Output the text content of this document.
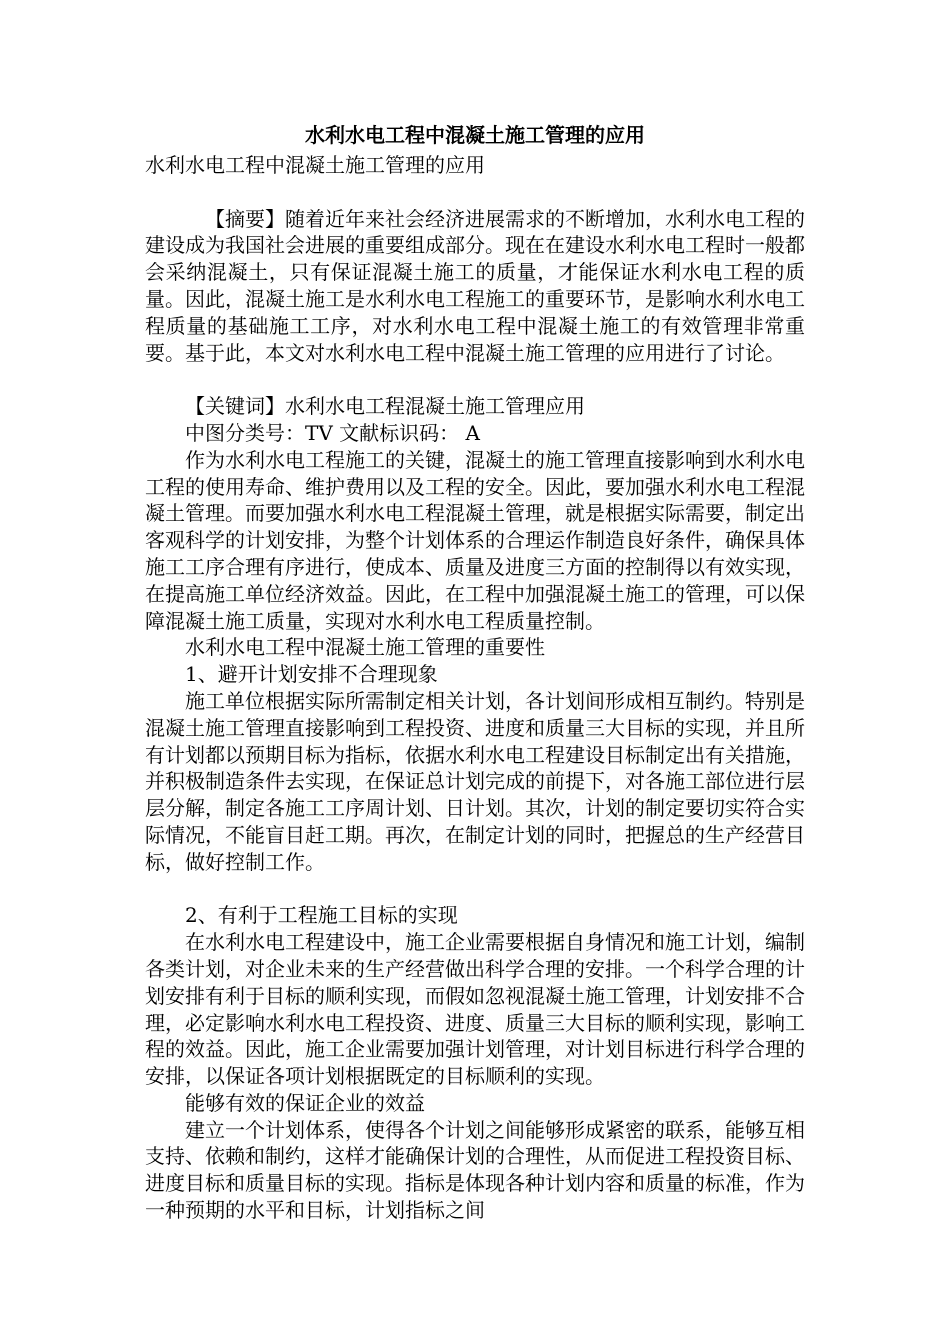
水利水电工程中混凝土施工管理的应用

水利水电工程中混凝土施工管理的应用

【摘要】随着近年来社会经济进展需求的不断增加，水利水电工程的建设成为我国社会进展的重要组成部分。现在在建设水利水电工程时一般都会采纳混凝土，只有保证混凝土施工的质量，才能保证水利水电工程的质量。因此，混凝土施工是水利水电工程施工的重要环节，是影响水利水电工程质量的基础施工工序，对水利水电工程中混凝土施工的有效管理非常重要。基于此，本文对水利水电工程中混凝土施工管理的应用进行了讨论。

【关键词】水利水电工程混凝土施工管理应用

中图分类号：TV 文献标识码： A

作为水利水电工程施工的关键，混凝土的施工管理直接影响到水利水电工程的使用寿命、维护费用以及工程的安全。因此，要加强水利水电工程混凝土管理。而要加强水利水电工程混凝土管理，就是根据实际需要，制定出客观科学的计划安排，为整个计划体系的合理运作制造良好条件，确保具体施工工序合理有序进行，使成本、质量及进度三方面的控制得以有效实现，在提高施工单位经济效益。因此，在工程中加强混凝土施工的管理，可以保障混凝土施工质量，实现对水利水电工程质量控制。

水利水电工程中混凝土施工管理的重要性

1、避开计划安排不合理现象

施工单位根据实际所需制定相关计划，各计划间形成相互制约。特别是混凝土施工管理直接影响到工程投资、进度和质量三大目标的实现，并且所有计划都以预期目标为指标，依据水利水电工程建设目标制定出有关措施，并积极制造条件去实现，在保证总计划完成的前提下，对各施工部位进行层层分解，制定各施工工序周计划、日计划。其次，计划的制定要切实符合实际情况，不能盲目赶工期。再次，在制定计划的同时，把握总的生产经营目标，做好控制工作。

2、有利于工程施工目标的实现

在水利水电工程建设中，施工企业需要根据自身情况和施工计划，编制各类计划，对企业未来的生产经营做出科学合理的安排。一个科学合理的计划安排有利于目标的顺利实现，而假如忽视混凝土施工管理，计划安排不合理，必定影响水利水电工程投资、进度、质量三大目标的顺利实现，影响工程的效益。因此，施工企业需要加强计划管理，对计划目标进行科学合理的安排，以保证各项计划根据既定的目标顺利的实现。

能够有效的保证企业的效益

建立一个计划体系，使得各个计划之间能够形成紧密的联系，能够互相支持、依赖和制约，这样才能确保计划的合理性，从而促进工程投资目标、进度目标和质量目标的实现。指标是体现各种计划内容和质量的标准，作为一种预期的水平和目标，计划指标之间
